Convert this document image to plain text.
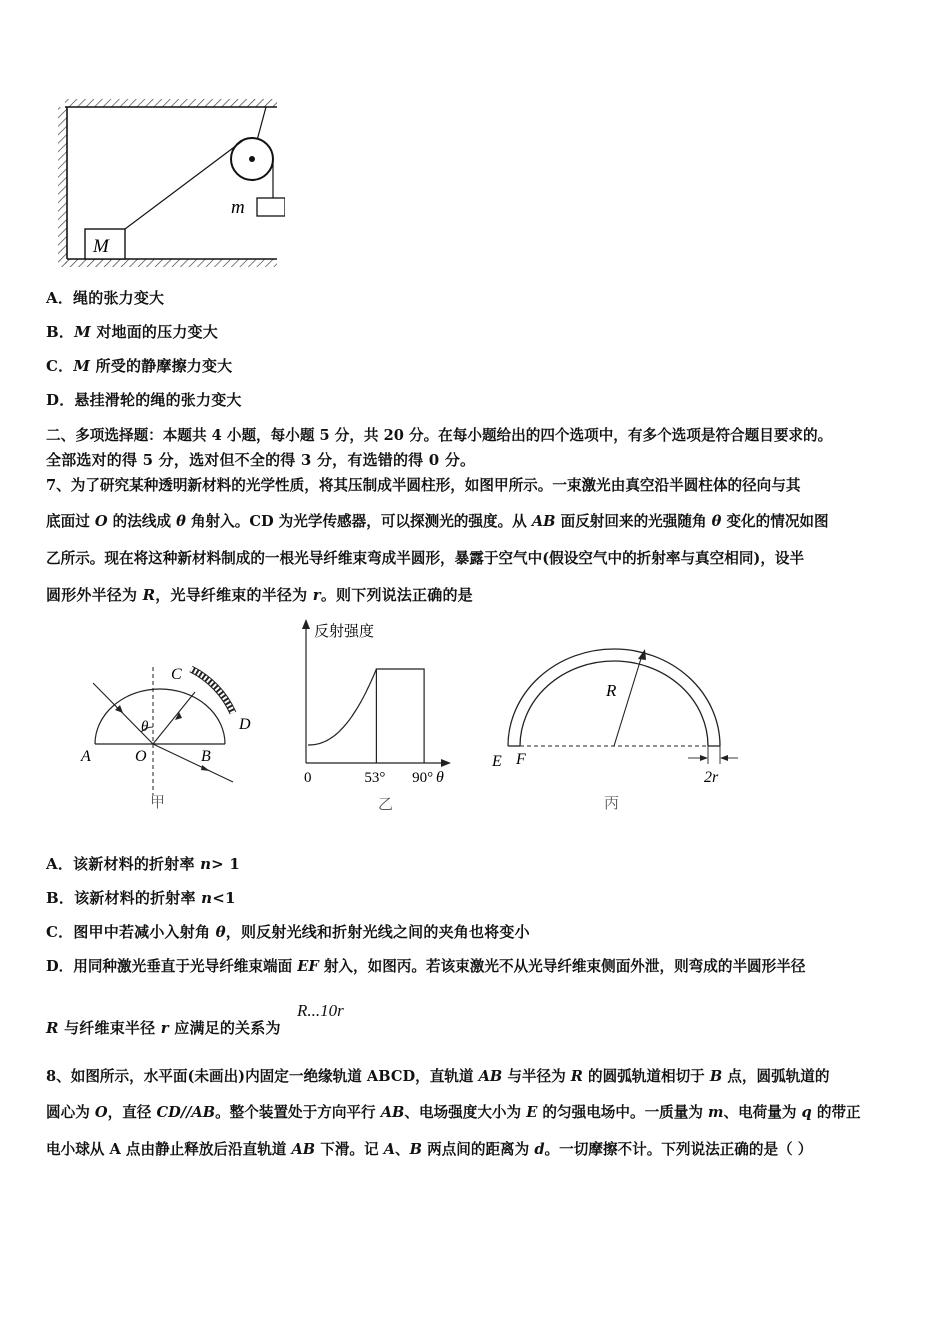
M
m
A．绳的张力变大
B．M 对地面的压力变大
C．M 所受的静摩擦力变大
D．悬挂滑轮的绳的张力变大
二、多项选择题：本题共 4 小题，每小题 5 分，共 20 分。在每小题给出的四个选项中，有多个选项是符合题目要求的。
全部选对的得 5 分，选对但不全的得 3 分，有选错的得 0 分。
7、为了研究某种透明新材料的光学性质，将其压制成半圆柱形，如图甲所示。一束激光由真空沿半圆柱体的径向与其
底面过 O 的法线成 θ 角射入。CD 为光学传感器，可以探测光的强度。从 AB 面反射回来的光强随角 θ 变化的情况如图
乙所示。现在将这种新材料制成的一根光导纤维束弯成半圆形，暴露于空气中(假设空气中的折射率与真空相同)，设半
圆形外半径为 R，光导纤维束的半径为 r。则下列说法正确的是
θ
C
D
A	O	B
甲
反射强度
θ
0	53° 90°
乙
R
2r
E F
丙
A．该新材料的折射率 n> 1
B．该新材料的折射率 n<1
C．图甲中若减小入射角 θ，则反射光线和折射光线之间的夹角也将变小
D．用同种激光垂直于光导纤维束端面 EF 射入，如图丙。若该束激光不从光导纤维束侧面外泄，则弯成的半圆形半径
R 与纤维束半径 r 应满足的关系为
R...10r
8、如图所示，水平面(未画出)内固定一绝缘轨道 ABCD，直轨道 AB 与半径为 R 的圆弧轨道相切于 B 点，圆弧轨道的
圆心为 O，直径 CD//AB。整个装置处于方向平行 AB、电场强度大小为 E 的匀强电场中。一质量为 m、电荷量为 q 的带正
电小球从 A 点由静止释放后沿直轨道 AB 下滑。记 A、B 两点间的距离为 d。一切摩擦不计。下列说法正确的是（ ）
